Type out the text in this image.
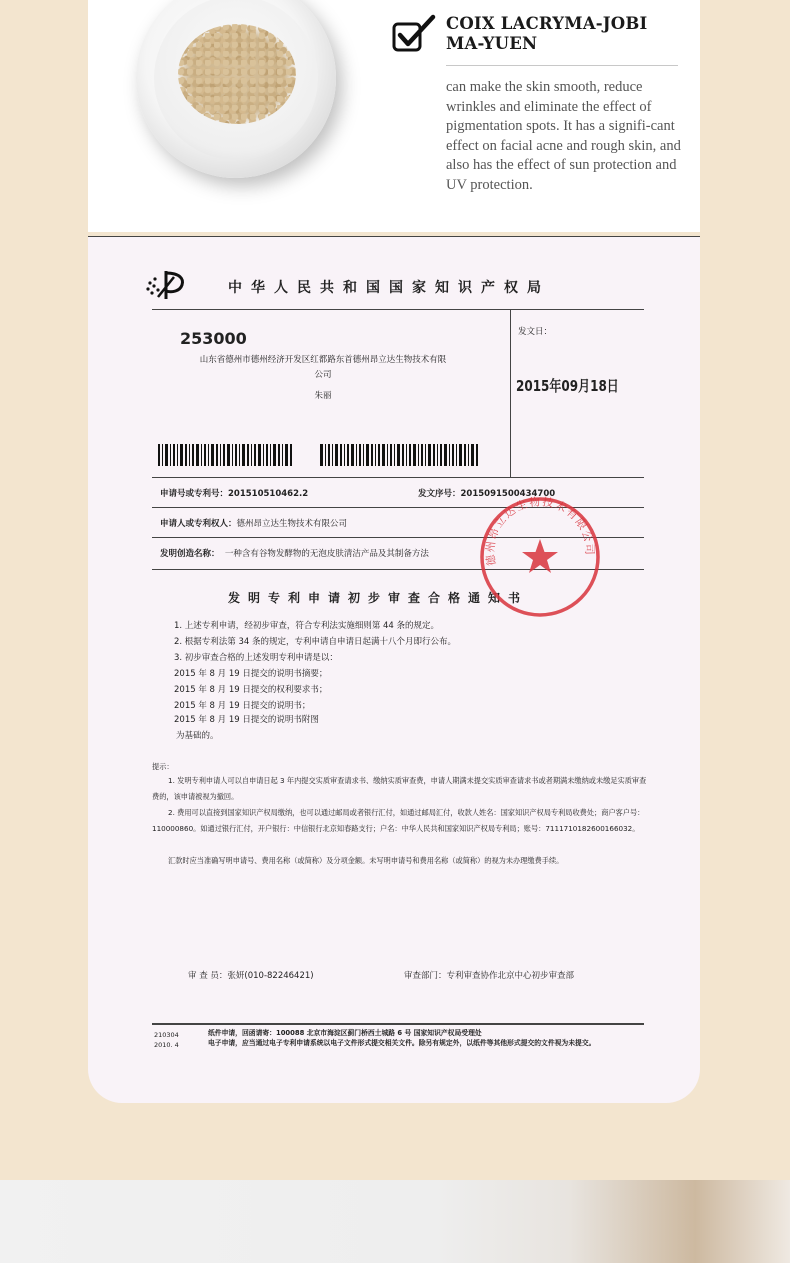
COIX LACRYMA-JOBI
MA-YUEN
can make the skin smooth, reduce wrinkles and eliminate the effect of pigmentation spots. It has a signifi-cant effect on facial acne and rough skin, and also has the effect of sun protection and UV protection.
中华人民共和国国家知识产权局
253000
山东省德州市德州经济开发区红都路东首德州昂立达生物技术有限
公司
朱丽
发文日：
2015年09月18日
申请号或专利号：201510510462.2	发文序号：2015091500434700
申请人或专利权人：德州昂立达生物技术有限公司
发明创造名称： 一种含有谷物发酵物的无泡皮肤清洁产品及其制备方法
发明专利申请初步审查合格通知书
1. 上述专利申请，经初步审查，符合专利法实施细则第 44 条的规定。
2. 根据专利法第 34 条的规定，专利申请自申请日起满十八个月即行公布。
3. 初步审查合格的上述发明专利申请是以：
2015 年 8 月 19 日提交的说明书摘要；
2015 年 8 月 19 日提交的权利要求书；
2015 年 8 月 19 日提交的说明书；
2015 年 8 月 19 日提交的说明书附图
为基础的。
提示：
1. 发明专利申请人可以自申请日起 3 年内提交实质审查请求书、缴纳实质审查费，申请人期满未提交实质审查请求书或者期满未缴纳或未缴足实质审查费的，该申请被视为撤回。
2. 费用可以直接到国家知识产权局缴纳，也可以通过邮局或者银行汇付，如通过邮局汇付，收款人姓名：国家知识产权局专利局收费处；商户客户号：110000860。如通过银行汇付，开户银行：中信银行北京知春路支行；户名：中华人民共和国家知识产权局专利局；账号：7111710182600166032。
汇款时应当准确写明申请号、费用名称（或简称）及分项金额。未写明申请号和费用名称（或简称）的视为未办理缴费手续。
审 查 员：张妍(010-82246421)	审查部门：专利审查协作北京中心初步审查部
210304
2010. 4
纸件申请，回函请寄：100088 北京市海淀区蓟门桥西土城路 6 号 国家知识产权局受理处
电子申请，应当通过电子专利申请系统以电子文件形式提交相关文件。除另有规定外，以纸件等其他形式提交的文件视为未提交。
德州昂立达生物技术有限公司
